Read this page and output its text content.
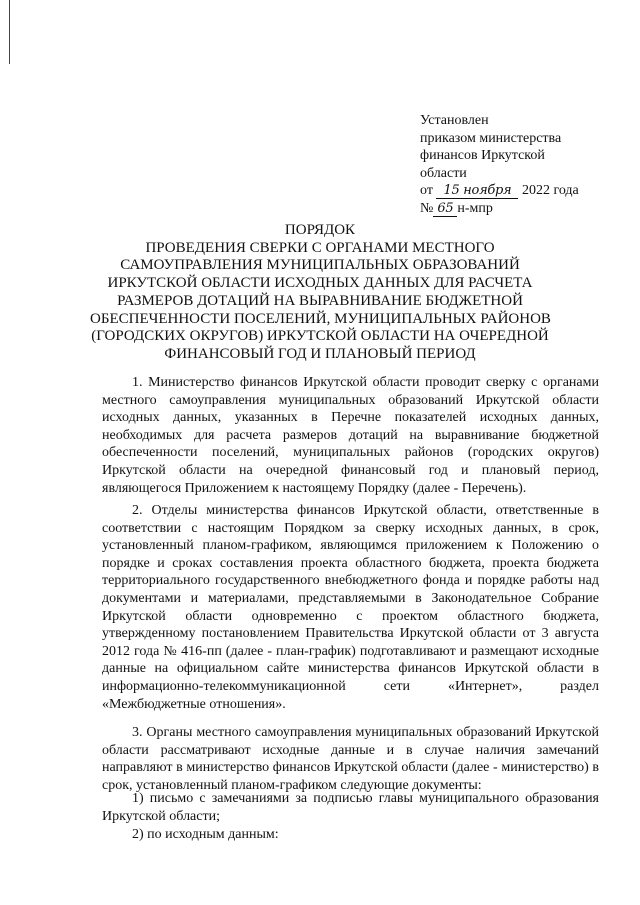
Установлен
приказом министерства
финансов Иркутской
области
от 15 ноября 2022 года
№ 65 н-мпр
ПОРЯДОК
ПРОВЕДЕНИЯ СВЕРКИ С ОРГАНАМИ МЕСТНОГО
САМОУПРАВЛЕНИЯ МУНИЦИПАЛЬНЫХ ОБРАЗОВАНИЙ
ИРКУТСКОЙ ОБЛАСТИ ИСХОДНЫХ ДАННЫХ ДЛЯ РАСЧЕТА
РАЗМЕРОВ ДОТАЦИЙ НА ВЫРАВНИВАНИЕ БЮДЖЕТНОЙ
ОБЕСПЕЧЕННОСТИ ПОСЕЛЕНИЙ, МУНИЦИПАЛЬНЫХ РАЙОНОВ
(ГОРОДСКИХ ОКРУГОВ) ИРКУТСКОЙ ОБЛАСТИ НА ОЧЕРЕДНОЙ
ФИНАНСОВЫЙ ГОД И ПЛАНОВЫЙ ПЕРИОД
1. Министерство финансов Иркутской области проводит сверку с органами местного самоуправления муниципальных образований Иркутской области исходных данных, указанных в Перечне показателей исходных данных, необходимых для расчета размеров дотаций на выравнивание бюджетной обеспеченности поселений, муниципальных районов (городских округов) Иркутской области на очередной финансовый год и плановый период, являющегося Приложением к настоящему Порядку (далее - Перечень).
2. Отделы министерства финансов Иркутской области, ответственные в соответствии с настоящим Порядком за сверку исходных данных, в срок, установленный планом-графиком, являющимся приложением к Положению о порядке и сроках составления проекта областного бюджета, проекта бюджета территориального государственного внебюджетного фонда и порядке работы над документами и материалами, представляемыми в Законодательное Собрание Иркутской области одновременно с проектом областного бюджета, утвержденному постановлением Правительства Иркутской области от 3 августа 2012 года № 416-пп (далее - план-график) подготавливают и размещают исходные данные на официальном сайте министерства финансов Иркутской области в информационно-телекоммуникационной сети «Интернет», раздел «Межбюджетные отношения».
3. Органы местного самоуправления муниципальных образований Иркутской области рассматривают исходные данные и в случае наличия замечаний направляют в министерство финансов Иркутской области (далее - министерство) в срок, установленный планом-графиком следующие документы:
1) письмо с замечаниями за подписью главы муниципального образования Иркутской области;
2) по исходным данным:
